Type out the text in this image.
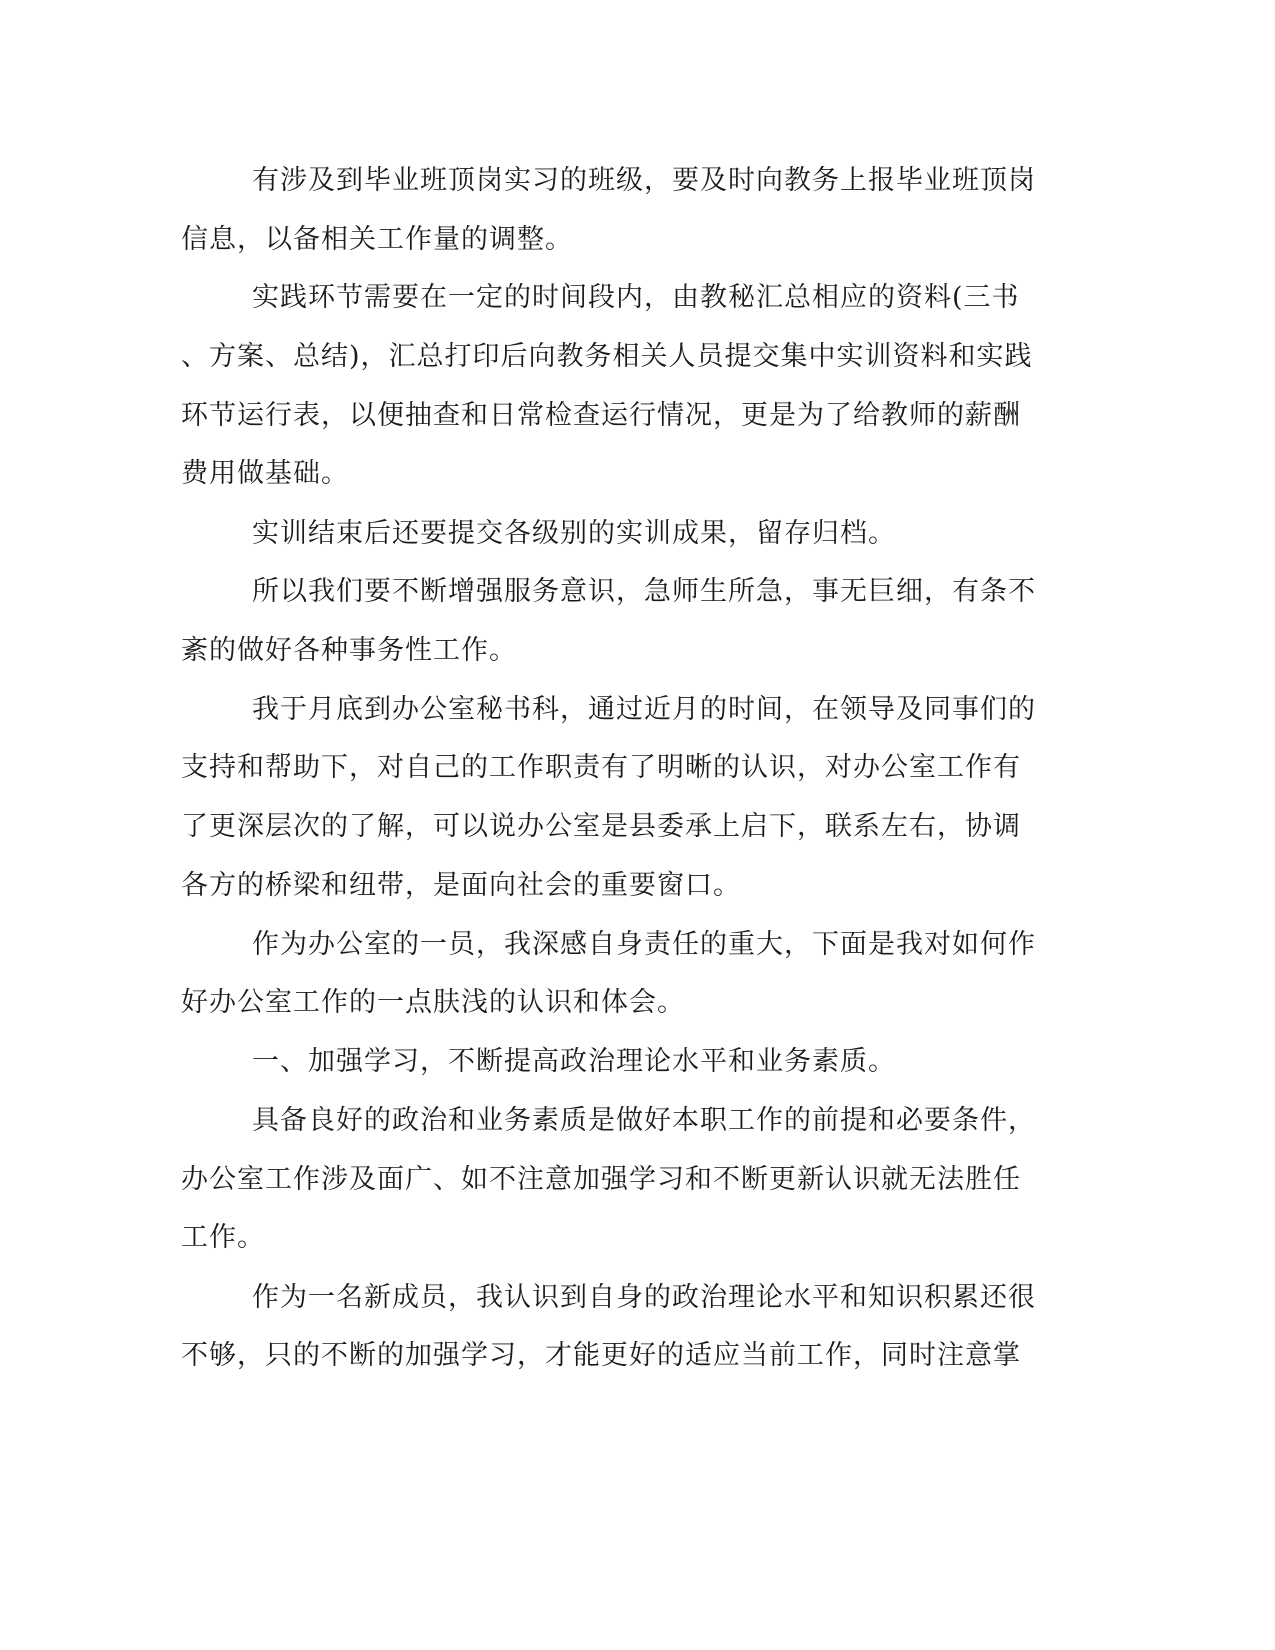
有涉及到毕业班顶岗实习的班级，要及时向教务上报毕业班顶岗
信息，以备相关工作量的调整。
实践环节需要在一定的时间段内，由教秘汇总相应的资料(三书
、方案、总结)，汇总打印后向教务相关人员提交集中实训资料和实践
环节运行表，以便抽查和日常检查运行情况，更是为了给教师的薪酬
费用做基础。
实训结束后还要提交各级别的实训成果，留存归档。
所以我们要不断增强服务意识，急师生所急，事无巨细，有条不
紊的做好各种事务性工作。
我于月底到办公室秘书科，通过近月的时间，在领导及同事们的
支持和帮助下，对自己的工作职责有了明晰的认识，对办公室工作有
了更深层次的了解，可以说办公室是县委承上启下，联系左右，协调
各方的桥梁和纽带，是面向社会的重要窗口。
作为办公室的一员，我深感自身责任的重大，下面是我对如何作
好办公室工作的一点肤浅的认识和体会。
一、加强学习，不断提高政治理论水平和业务素质。
具备良好的政治和业务素质是做好本职工作的前提和必要条件，
办公室工作涉及面广、如不注意加强学习和不断更新认识就无法胜任
工作。
作为一名新成员，我认识到自身的政治理论水平和知识积累还很
不够，只的不断的加强学习，才能更好的适应当前工作，同时注意掌
